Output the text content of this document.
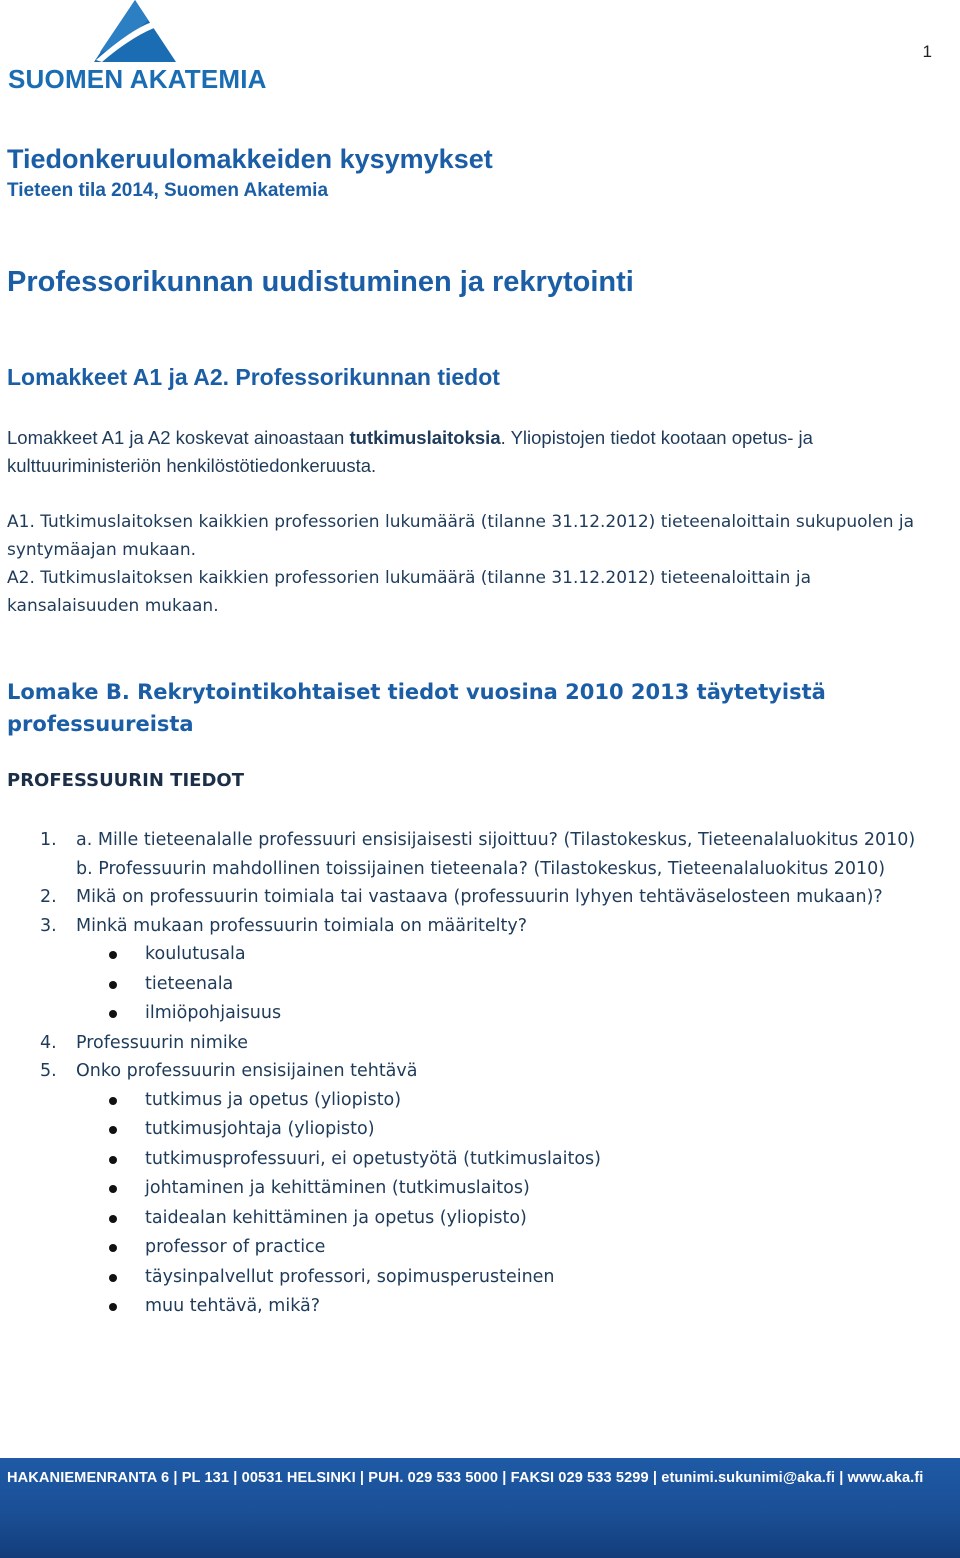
SUOMEN AKATEMIA
1
Tiedonkeruulomakkeiden kysymykset
Tieteen tila 2014, Suomen Akatemia
Professorikunnan uudistuminen ja rekrytointi
Lomakkeet A1 ja A2. Professorikunnan tiedot
Lomakkeet A1 ja A2 koskevat ainoastaan tutkimuslaitoksia. Yliopistojen tiedot kootaan opetus- ja kulttuuriministeriön henkilöstötiedonkeruusta.
A1. Tutkimuslaitoksen kaikkien professorien lukumäärä (tilanne 31.12.2012) tieteenaloittain sukupuolen ja syntymäajan mukaan.
A2. Tutkimuslaitoksen kaikkien professorien lukumäärä (tilanne 31.12.2012) tieteenaloittain ja kansalaisuuden mukaan.
Lomake B. Rekrytointikohtaiset tiedot vuosina 2010 2013 täytetyistä professuureista
PROFESSUURIN TIEDOT
1. a. Mille tieteenalalle professuuri ensisijaisesti sijoittuu? (Tilastokeskus, Tieteenalaluokitus 2010)
b. Professuurin mahdollinen toissijainen tieteenala? (Tilastokeskus, Tieteenalaluokitus 2010)
2. Mikä on professuurin toimiala tai vastaava (professuurin lyhyen tehtäväselosteen mukaan)?
3. Minkä mukaan professuurin toimiala on määritelty?
koulutusala
tieteenala
ilmiöpohjaisuus
4. Professuurin nimike
5. Onko professuurin ensisijainen tehtävä
tutkimus ja opetus (yliopisto)
tutkimusjohtaja (yliopisto)
tutkimusprofessuuri, ei opetustyötä (tutkimuslaitos)
johtaminen ja kehittäminen (tutkimuslaitos)
taidealan kehittäminen ja opetus (yliopisto)
professor of practice
täysinpalvellut professori, sopimusperusteinen
muu tehtävä, mikä?
HAKANIEMENRANTA 6 | PL 131 | 00531 HELSINKI | PUH. 029 533 5000 | FAKSI 029 533 5299 | etunimi.sukunimi@aka.fi | www.aka.fi
